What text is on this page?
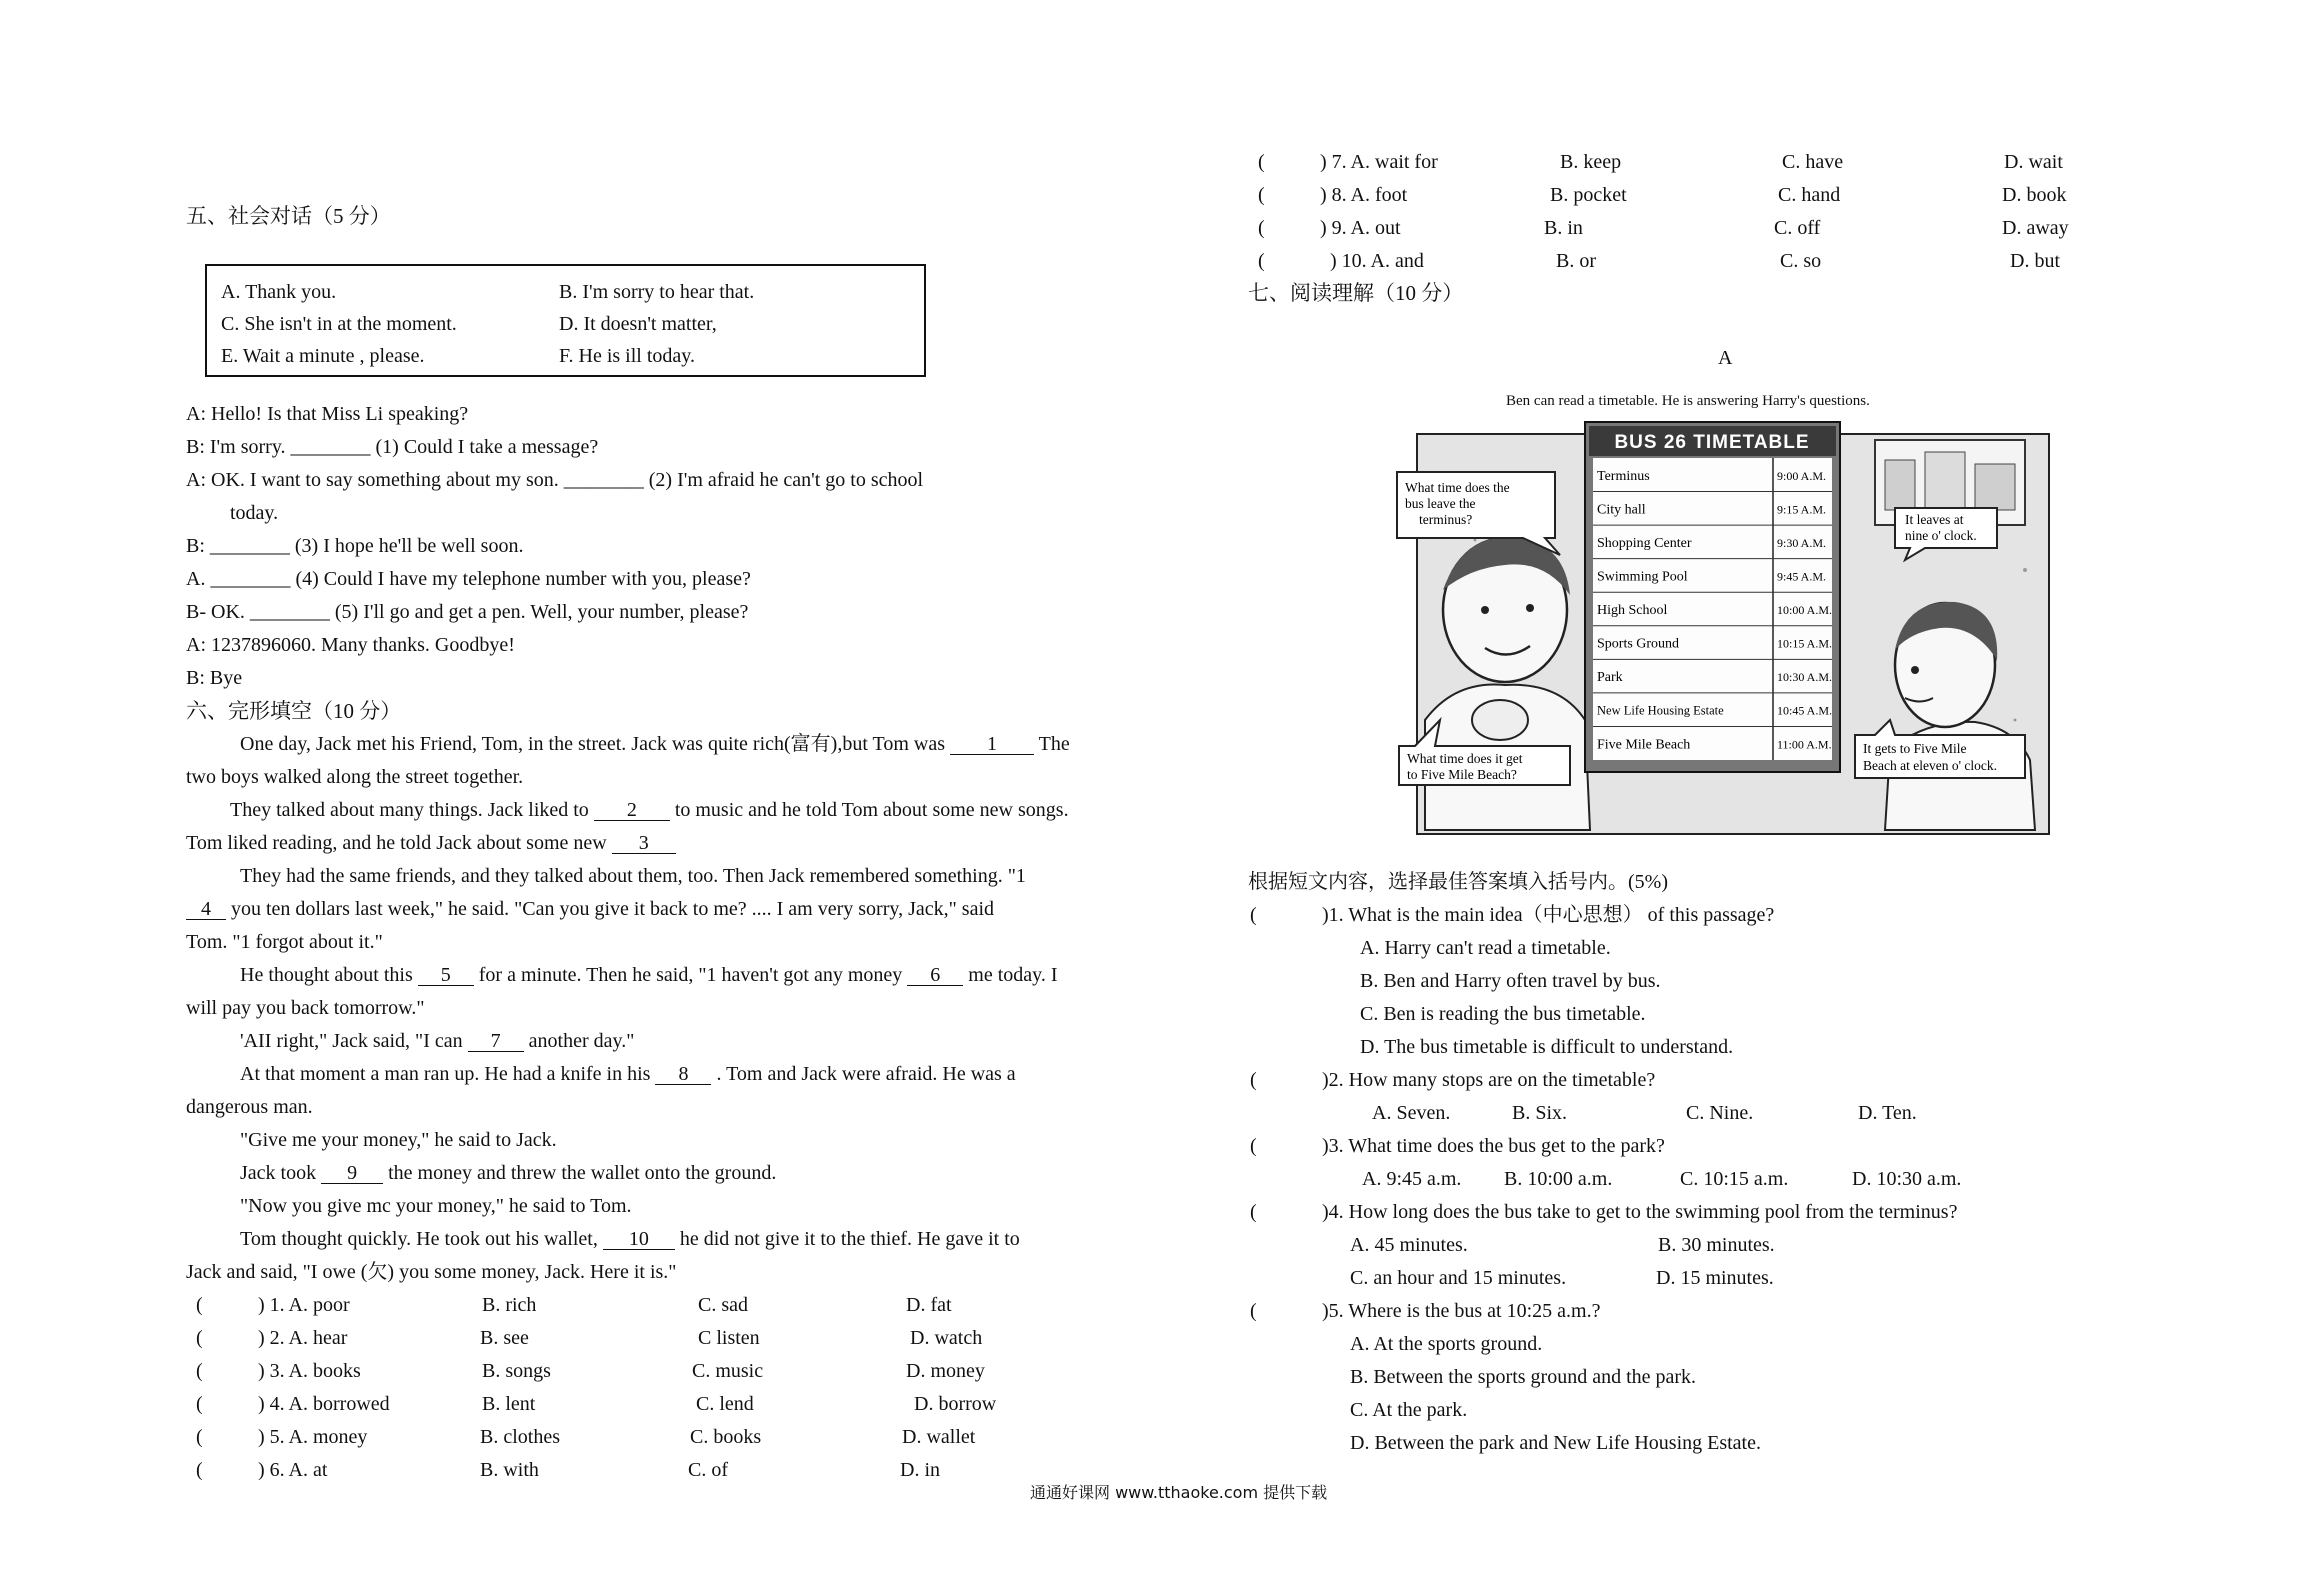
五、社会对话（5 分）
A. Thank you.	B. I'm sorry to hear that.
C. She isn't in at the moment.	D. It doesn't matter,
E. Wait a minute , please.	F. He is ill today.
A: Hello! Is that Miss Li speaking?
B: I'm sorry. ________ (1) Could I take a message?
A: OK. I want to say something about my son. ________ (2) I'm afraid he can't go to school
today.
B: ________ (3) I hope he'll be well soon.
A. ________ (4) Could I have my telephone number with you, please?
B- OK. ________ (5) I'll go and get a pen. Well, your number, please?
A: 1237896060. Many thanks. Goodbye!
B: Bye
六、完形填空（10 分）
One day, Jack met his Friend, Tom, in the street. Jack was quite rich(富有),but Tom was 1 The
two boys walked along the street together.
They talked about many things. Jack liked to 2 to music and he told Tom about some new songs.
Tom liked reading, and he told Jack about some new 3
They had the same friends, and they talked about them, too. Then Jack remembered something. "1
4 you ten dollars last week," he said. "Can you give it back to me? .... I am very sorry, Jack," said
Tom. "1 forgot about it."
He thought about this 5 for a minute. Then he said, "1 haven't got any money 6 me today. I
will pay you back tomorrow."
'AII right," Jack said, "I can 7 another day."
At that moment a man ran up. He had a knife in his 8 . Tom and Jack were afraid. He was a
dangerous man.
"Give me your money," he said to Jack.
Jack took 9 the money and threw the wallet onto the ground.
"Now you give mc your money," he said to Tom.
Tom thought quickly. He took out his wallet, 10 he did not give it to the thief. He gave it to
Jack and said, "I owe (欠) you some money, Jack. Here it is."
(	) 1. A. poor	B. rich	C. sad	D. fat
(	) 2. A. hear	B. see	C listen	D. watch
(	) 3. A. books	B. songs	C. music	D. money
(	) 4. A. borrowed	B. lent	C. lend	D. borrow
(	) 5. A. money	B. clothes	C. books	D. wallet
(	) 6. A. at	B. with	C. of	D. in
(	) 7. A. wait for	B. keep	C. have	D. wait
(	) 8. A. foot	B. pocket	C. hand	D. book
(	) 9. A. out	B. in	C. off	D. away
(	) 10. A. and	B. or	C. so	D. but
七、阅读理解（10 分）
A
Ben can read a timetable. He is answering Harry's questions.
BUS 26 TIMETABLE
Terminus	9:00 A.M.
City hall	9:15 A.M.
Shopping Center	9:30 A.M.
Swimming Pool	9:45 A.M.
High School	10:00 A.M.
Sports Ground	10:15 A.M.
Park	10:30 A.M.
New Life Housing Estate	10:45 A.M.
Five Mile Beach	11:00 A.M.
What time does the
bus leave the
terminus?	It leaves at
nine o' clock.
What time does it get
to Five Mile Beach?
It gets to Five Mile
Beach at eleven o' clock.
根据短文内容，选择最佳答案填入括号内。(5%)
(	)1. What is the main idea（中心思想） of this passage?
A. Harry can't read a timetable.
B. Ben and Harry often travel by bus.
C. Ben is reading the bus timetable.
D. The bus timetable is difficult to understand.
(	)2. How many stops are on the timetable?
A. Seven.	B. Six.	C. Nine.	D. Ten.
(	)3. What time does the bus get to the park?
A. 9:45 a.m. B. 10:00 a.m.	C. 10:15 a.m.	D. 10:30 a.m.
(	)4. How long does the bus take to get to the swimming pool from the terminus?
A. 45 minutes.	B. 30 minutes.
C. an hour and 15 minutes.	D. 15 minutes.
(	)5. Where is the bus at 10:25 a.m.?
A. At the sports ground.
B. Between the sports ground and the park.
C. At the park.
D. Between the park and New Life Housing Estate.
通通好课网 www.tthaoke.com 提供下载
